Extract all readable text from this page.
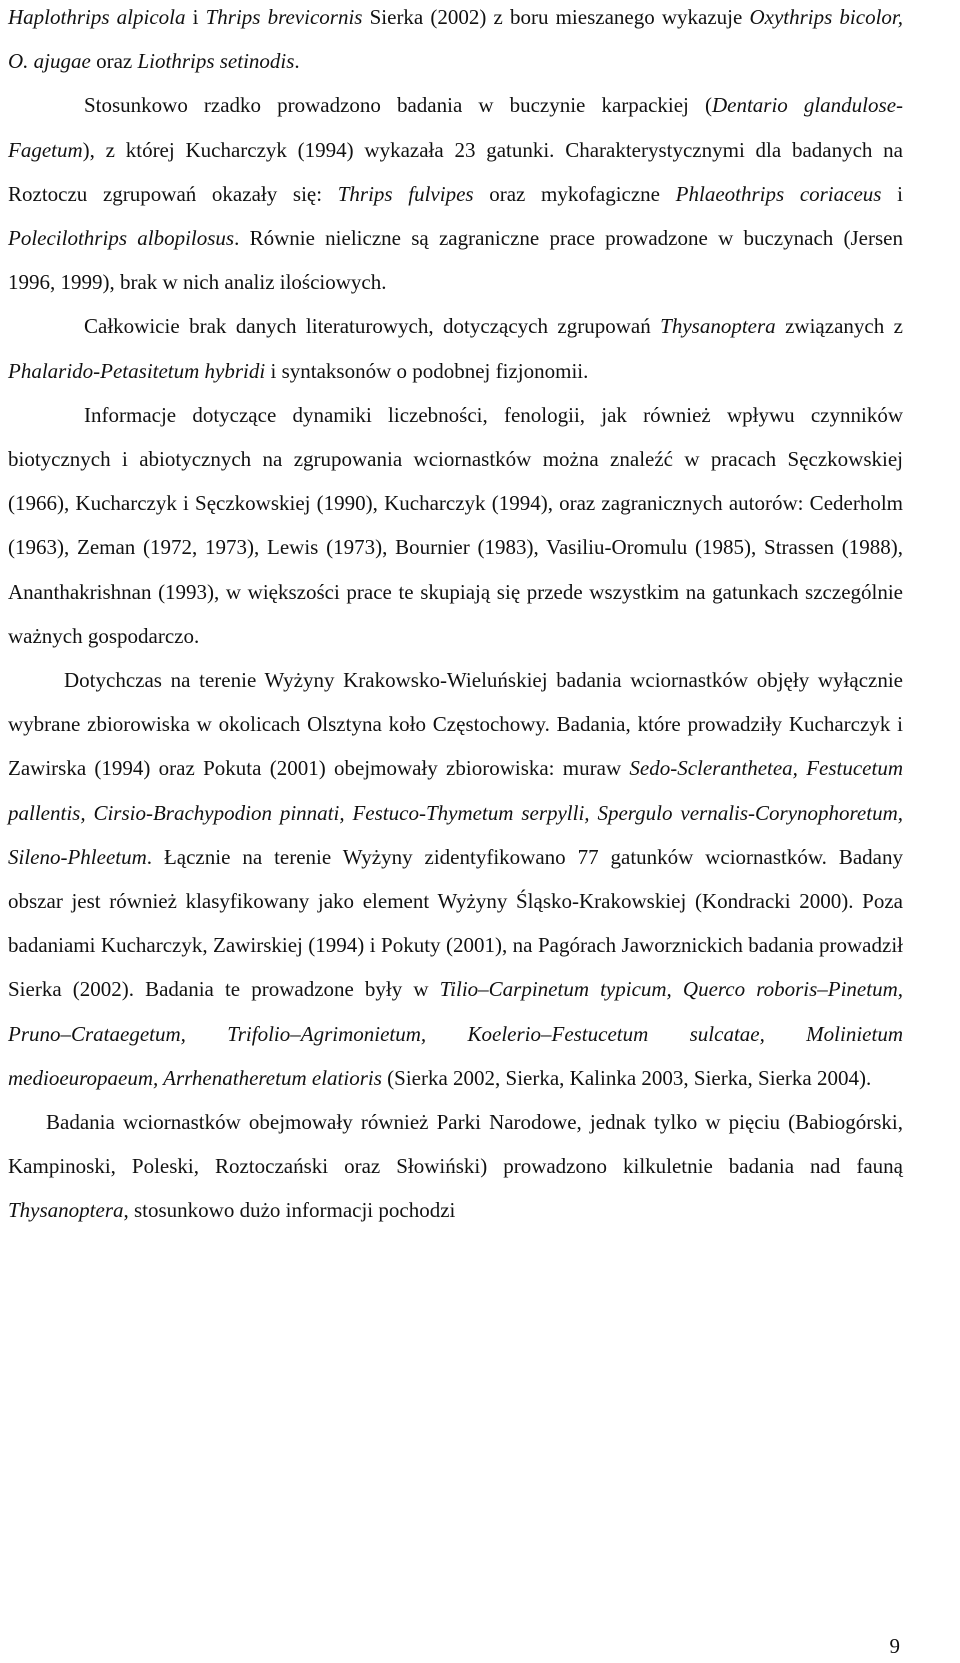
Haplothrips alpicola i Thrips brevicornis Sierka (2002) z boru mieszanego wykazuje Oxythrips bicolor, O. ajugae oraz Liothrips setinodis.

Stosunkowo rzadko prowadzono badania w buczynie karpackiej (Dentario glandulose-Fagetum), z której Kucharczyk (1994) wykazała 23 gatunki. Charakterystycznymi dla badanych na Roztoczu zgrupowań okazały się: Thrips fulvipes oraz mykofagiczne Phlaeothrips coriaceus i Polecilothrips albopilosus. Równie nieliczne są zagraniczne prace prowadzone w buczynach (Jersen 1996, 1999), brak w nich analiz ilościowych.

Całkowicie brak danych literaturowych, dotyczących zgrupowań Thysanoptera związanych z Phalarido-Petasitetum hybridi i syntaksonów o podobnej fizjonomii.

Informacje dotyczące dynamiki liczebności, fenologii, jak również wpływu czynników biotycznych i abiotycznych na zgrupowania wciornastków można znaleźć w pracach Sęczkowskiej (1966), Kucharczyk i Sęczkowskiej (1990), Kucharczyk (1994), oraz zagranicznych autorów: Cederholm (1963), Zeman (1972, 1973), Lewis (1973), Bournier (1983), Vasiliu-Oromulu (1985), Strassen (1988), Ananthakrishnan (1993), w większości prace te skupiają się przede wszystkim na gatunkach szczególnie ważnych gospodarczo.

Dotychczas na terenie Wyżyny Krakowsko-Wieluńskiej badania wciornastków objęły wyłącznie wybrane zbiorowiska w okolicach Olsztyna koło Częstochowy. Badania, które prowadziły Kucharczyk i Zawirska (1994) oraz Pokuta (2001) obejmowały zbiorowiska: muraw Sedo-Scleranthetea, Festucetum pallentis, Cirsio-Brachypodion pinnati, Festuco-Thymetum serpylli, Spergulo vernalis-Corynophoretum, Sileno-Phleetum. Łącznie na terenie Wyżyny zidentyfikowano 77 gatunków wciornastków. Badany obszar jest również klasyfikowany jako element Wyżyny Śląsko-Krakowskiej (Kondracki 2000). Poza badaniami Kucharczyk, Zawirskiej (1994) i Pokuty (2001), na Pagórach Jaworznickich badania prowadził Sierka (2002). Badania te prowadzone były w Tilio–Carpinetum typicum, Querco roboris–Pinetum, Pruno–Crataegetum, Trifolio–Agrimonietum, Koelerio–Festucetum sulcatae, Molinietum medioeuropaeum, Arrhenatheretum elatioris (Sierka 2002, Sierka, Kalinka 2003, Sierka, Sierka 2004).

Badania wciornastków obejmowały również Parki Narodowe, jednak tylko w pięciu (Babiogórski, Kampinoski, Poleski, Roztoczański oraz Słowiński) prowadzono kilkuletnie badania nad fauną Thysanoptera, stosunkowo dużo informacji pochodzi

9
